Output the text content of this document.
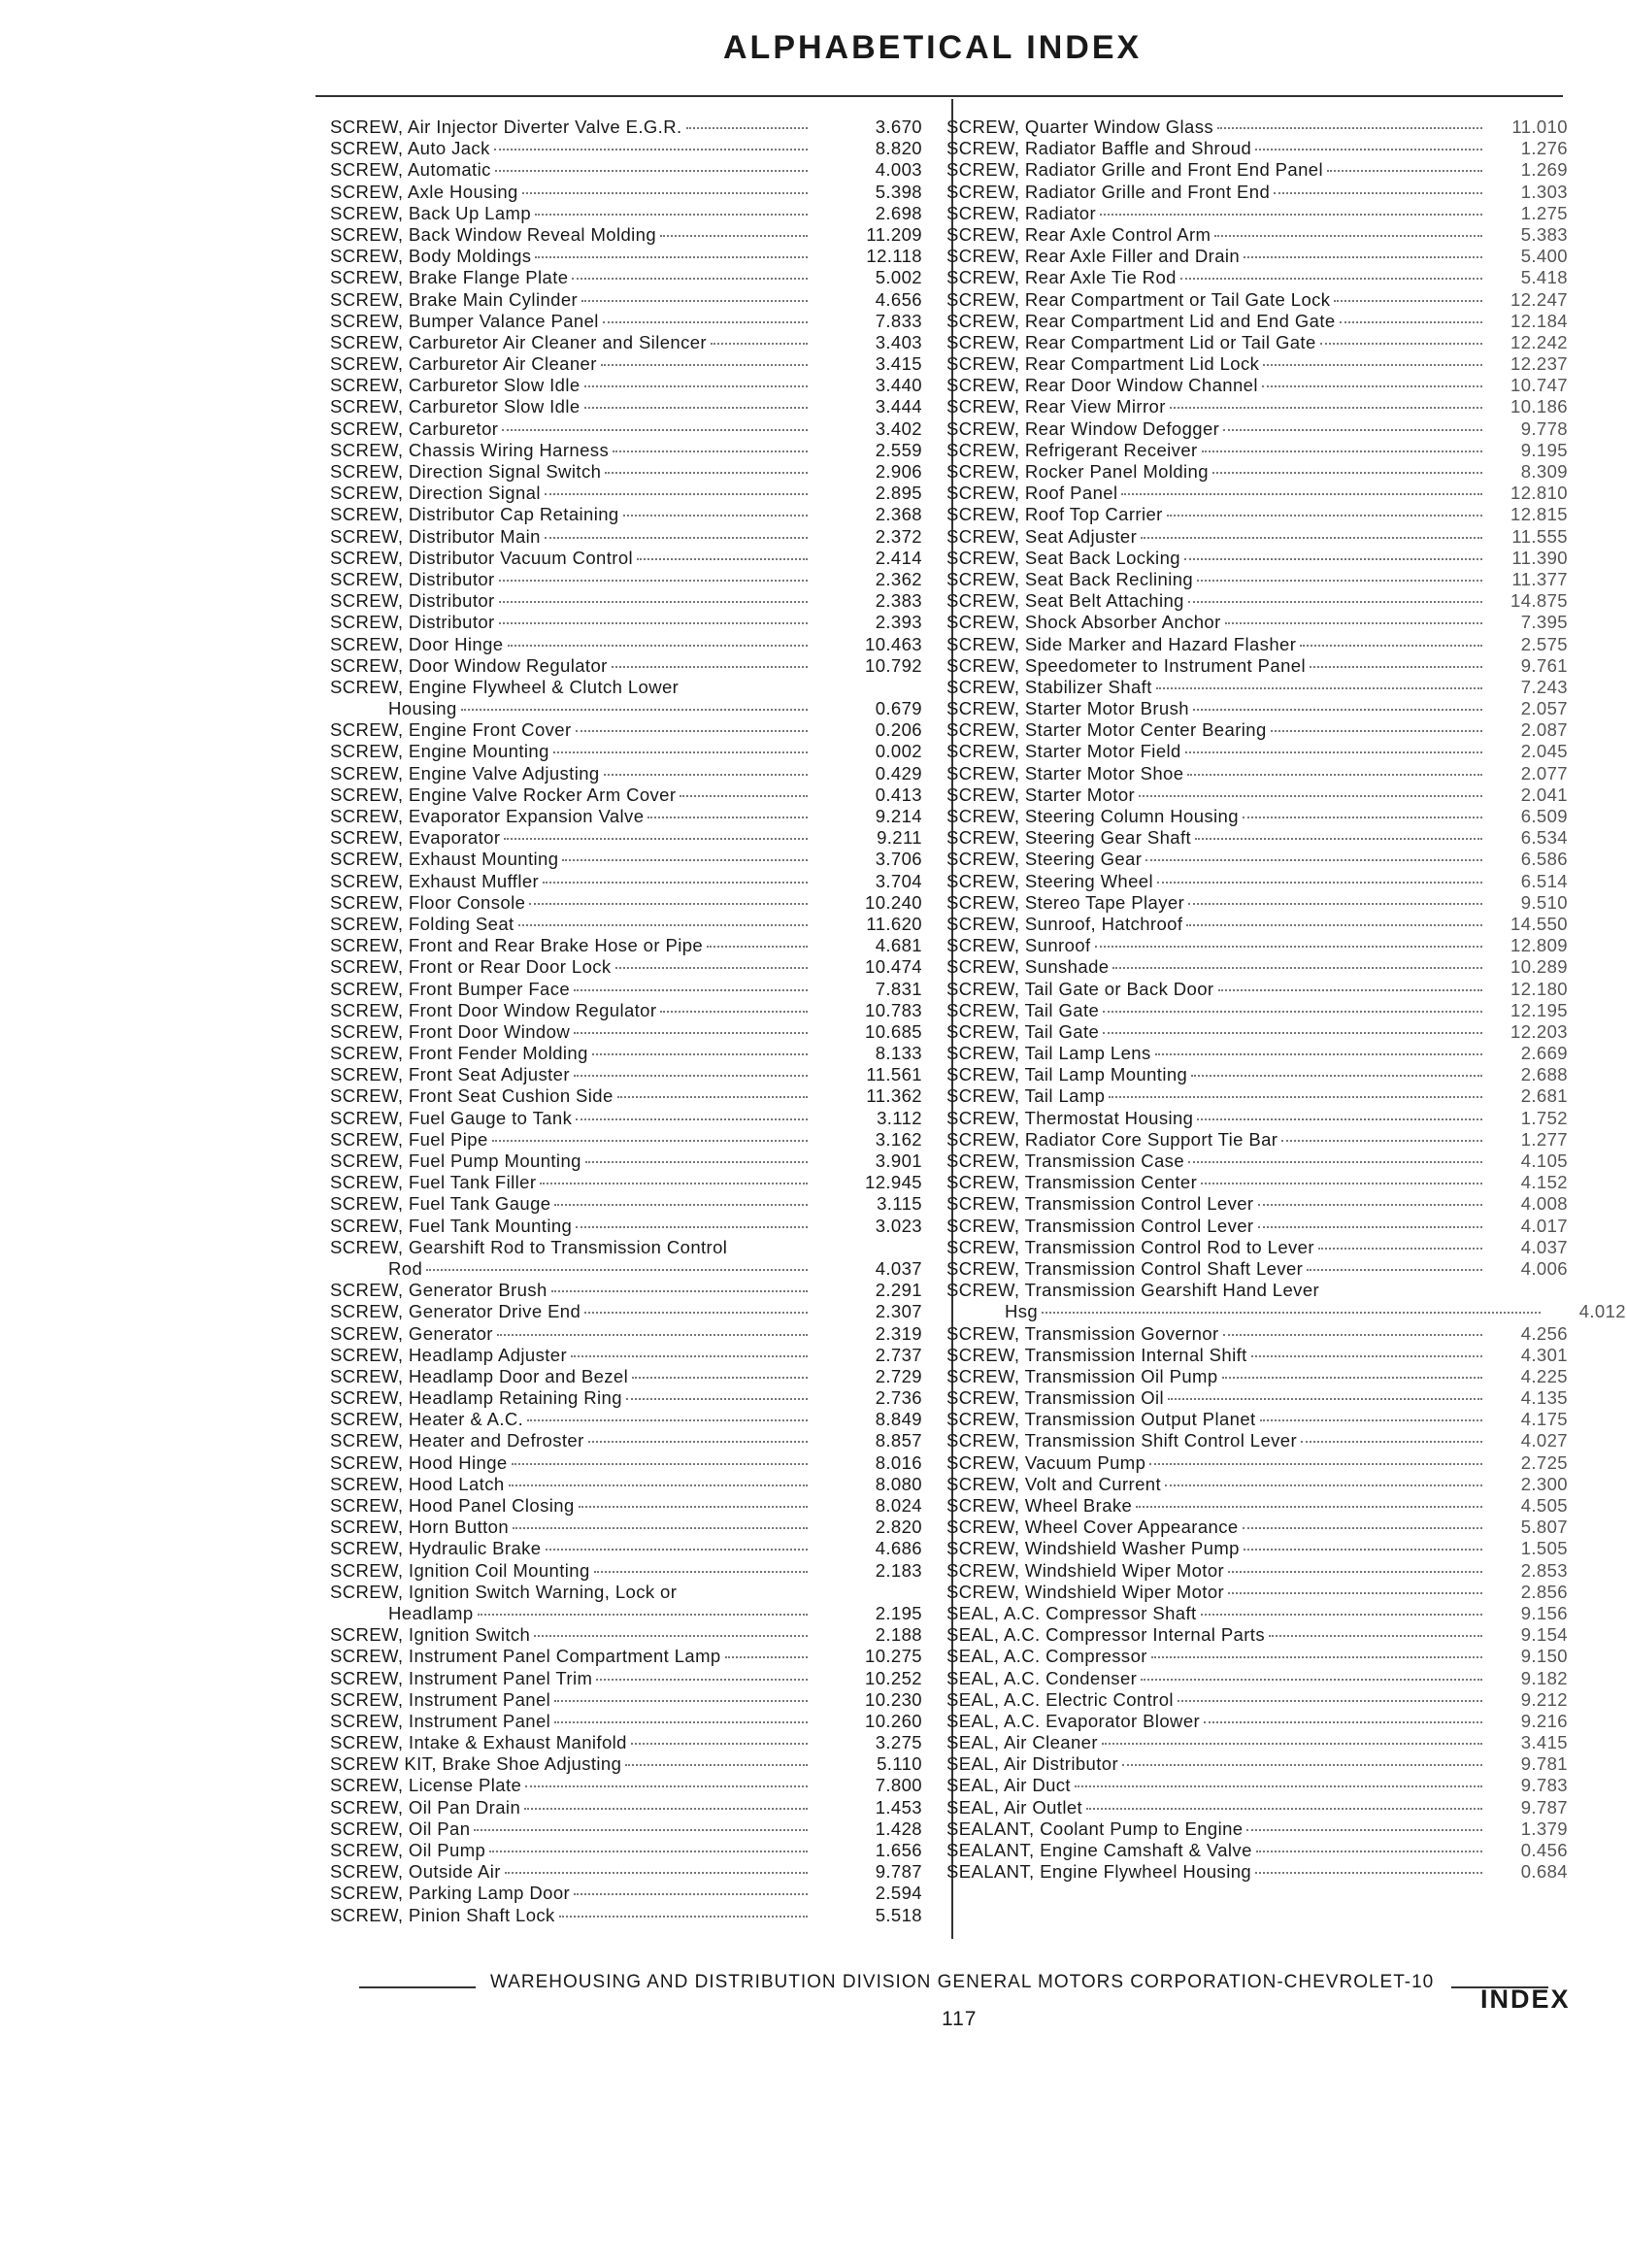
ALPHABETICAL INDEX
SCREW, Air Injector Diverter Valve E.G.R.	3.670
SCREW, Auto Jack	8.820
SCREW, Automatic	4.003
SCREW, Axle Housing	5.398
SCREW, Back Up Lamp	2.698
SCREW, Back Window Reveal Molding	11.209
SCREW, Body Moldings	12.118
SCREW, Brake Flange Plate	5.002
SCREW, Brake Main Cylinder	4.656
SCREW, Bumper Valance Panel	7.833
SCREW, Carburetor Air Cleaner and Silencer	3.403
SCREW, Carburetor Air Cleaner	3.415
SCREW, Carburetor Slow Idle	3.440
SCREW, Carburetor Slow Idle	3.444
SCREW, Carburetor	3.402
SCREW, Chassis Wiring Harness	2.559
SCREW, Direction Signal Switch	2.906
SCREW, Direction Signal	2.895
SCREW, Distributor Cap Retaining	2.368
SCREW, Distributor Main	2.372
SCREW, Distributor Vacuum Control	2.414
SCREW, Distributor	2.362
SCREW, Distributor	2.383
SCREW, Distributor	2.393
SCREW, Door Hinge	10.463
SCREW, Door Window Regulator	10.792
SCREW, Engine Flywheel & Clutch Lower
Housing	0.679
SCREW, Engine Front Cover	0.206
SCREW, Engine Mounting	0.002
SCREW, Engine Valve Adjusting	0.429
SCREW, Engine Valve Rocker Arm Cover	0.413
SCREW, Evaporator Expansion Valve	9.214
SCREW, Evaporator	9.211
SCREW, Exhaust Mounting	3.706
SCREW, Exhaust Muffler	3.704
SCREW, Floor Console	10.240
SCREW, Folding Seat	11.620
SCREW, Front and Rear Brake Hose or Pipe	4.681
SCREW, Front or Rear Door Lock	10.474
SCREW, Front Bumper Face	7.831
SCREW, Front Door Window Regulator	10.783
SCREW, Front Door Window	10.685
SCREW, Front Fender Molding	8.133
SCREW, Front Seat Adjuster	11.561
SCREW, Front Seat Cushion Side	11.362
SCREW, Fuel Gauge to Tank	3.112
SCREW, Fuel Pipe	3.162
SCREW, Fuel Pump Mounting	3.901
SCREW, Fuel Tank Filler	12.945
SCREW, Fuel Tank Gauge	3.115
SCREW, Fuel Tank Mounting	3.023
SCREW, Gearshift Rod to Transmission Control
Rod	4.037
SCREW, Generator Brush	2.291
SCREW, Generator Drive End	2.307
SCREW, Generator	2.319
SCREW, Headlamp Adjuster	2.737
SCREW, Headlamp Door and Bezel	2.729
SCREW, Headlamp Retaining Ring	2.736
SCREW, Heater & A.C.	8.849
SCREW, Heater and Defroster	8.857
SCREW, Hood Hinge	8.016
SCREW, Hood Latch	8.080
SCREW, Hood Panel Closing	8.024
SCREW, Horn Button	2.820
SCREW, Hydraulic Brake	4.686
SCREW, Ignition Coil Mounting	2.183
SCREW, Ignition Switch Warning, Lock or
Headlamp	2.195
SCREW, Ignition Switch	2.188
SCREW, Instrument Panel Compartment Lamp	10.275
SCREW, Instrument Panel Trim	10.252
SCREW, Instrument Panel	10.230
SCREW, Instrument Panel	10.260
SCREW, Intake & Exhaust Manifold	3.275
SCREW KIT, Brake Shoe Adjusting	5.110
SCREW, License Plate	7.800
SCREW, Oil Pan Drain	1.453
SCREW, Oil Pan	1.428
SCREW, Oil Pump	1.656
SCREW, Outside Air	9.787
SCREW, Parking Lamp Door	2.594
SCREW, Pinion Shaft Lock	5.518
SCREW, Quarter Window Glass	11.010
SCREW, Radiator Baffle and Shroud	1.276
SCREW, Radiator Grille and Front End Panel	1.269
SCREW, Radiator Grille and Front End	1.303
SCREW, Radiator	1.275
SCREW, Rear Axle Control Arm	5.383
SCREW, Rear Axle Filler and Drain	5.400
SCREW, Rear Axle Tie Rod	5.418
SCREW, Rear Compartment or Tail Gate Lock	12.247
SCREW, Rear Compartment Lid and End Gate	12.184
SCREW, Rear Compartment Lid or Tail Gate	12.242
SCREW, Rear Compartment Lid Lock	12.237
SCREW, Rear Door Window Channel	10.747
SCREW, Rear View Mirror	10.186
SCREW, Rear Window Defogger	9.778
SCREW, Refrigerant Receiver	9.195
SCREW, Rocker Panel Molding	8.309
SCREW, Roof Panel	12.810
SCREW, Roof Top Carrier	12.815
SCREW, Seat Adjuster	11.555
SCREW, Seat Back Locking	11.390
SCREW, Seat Back Reclining	11.377
SCREW, Seat Belt Attaching	14.875
SCREW, Shock Absorber Anchor	7.395
SCREW, Side Marker and Hazard Flasher	2.575
SCREW, Speedometer to Instrument Panel	9.761
SCREW, Stabilizer Shaft	7.243
SCREW, Starter Motor Brush	2.057
SCREW, Starter Motor Center Bearing	2.087
SCREW, Starter Motor Field	2.045
SCREW, Starter Motor Shoe	2.077
SCREW, Starter Motor	2.041
SCREW, Steering Column Housing	6.509
SCREW, Steering Gear Shaft	6.534
SCREW, Steering Gear	6.586
SCREW, Steering Wheel	6.514
SCREW, Stereo Tape Player	9.510
SCREW, Sunroof, Hatchroof	14.550
SCREW, Sunroof	12.809
SCREW, Sunshade	10.289
SCREW, Tail Gate or Back Door	12.180
SCREW, Tail Gate	12.195
SCREW, Tail Gate	12.203
SCREW, Tail Lamp Lens	2.669
SCREW, Tail Lamp Mounting	2.688
SCREW, Tail Lamp	2.681
SCREW, Thermostat Housing	1.752
SCREW, Radiator Core Support Tie Bar	1.277
SCREW, Transmission Case	4.105
SCREW, Transmission Center	4.152
SCREW, Transmission Control Lever	4.008
SCREW, Transmission Control Lever	4.017
SCREW, Transmission Control Rod to Lever	4.037
SCREW, Transmission Control Shaft Lever	4.006
SCREW, Transmission Gearshift Hand Lever
Hsg	4.012
SCREW, Transmission Governor	4.256
SCREW, Transmission Internal Shift	4.301
SCREW, Transmission Oil Pump	4.225
SCREW, Transmission Oil	4.135
SCREW, Transmission Output Planet	4.175
SCREW, Transmission Shift Control Lever	4.027
SCREW, Vacuum Pump	2.725
SCREW, Volt and Current	2.300
SCREW, Wheel Brake	4.505
SCREW, Wheel Cover Appearance	5.807
SCREW, Windshield Washer Pump	1.505
SCREW, Windshield Wiper Motor	2.853
SCREW, Windshield Wiper Motor	2.856
SEAL, A.C. Compressor Shaft	9.156
SEAL, A.C. Compressor Internal Parts	9.154
SEAL, A.C. Compressor	9.150
SEAL, A.C. Condenser	9.182
SEAL, A.C. Electric Control	9.212
SEAL, A.C. Evaporator Blower	9.216
SEAL, Air Cleaner	3.415
SEAL, Air Distributor	9.781
SEAL, Air Duct	9.783
SEAL, Air Outlet	9.787
SEALANT, Coolant Pump to Engine	1.379
SEALANT, Engine Camshaft & Valve	0.456
SEALANT, Engine Flywheel Housing	0.684
WAREHOUSING AND DISTRIBUTION DIVISION GENERAL MOTORS CORPORATION-CHEVROLET-10
117
INDEX
